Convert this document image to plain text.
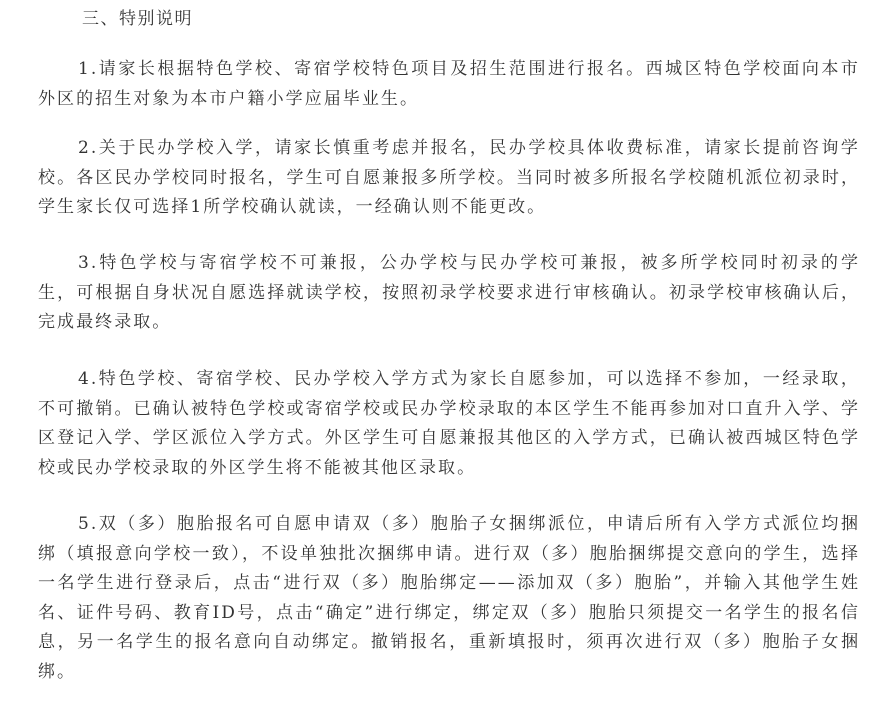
三、特别说明

1.请家长根据特色学校、寄宿学校特色项目及招生范围进行报名。西城区特色学校面向本市外区的招生对象为本市户籍小学应届毕业生。

2.关于民办学校入学，请家长慎重考虑并报名，民办学校具体收费标准，请家长提前咨询学校。各区民办学校同时报名，学生可自愿兼报多所学校。当同时被多所报名学校随机派位初录时，学生家长仅可选择1所学校确认就读，一经确认则不能更改。

3.特色学校与寄宿学校不可兼报，公办学校与民办学校可兼报，被多所学校同时初录的学生，可根据自身状况自愿选择就读学校，按照初录学校要求进行审核确认。初录学校审核确认后，完成最终录取。

4.特色学校、寄宿学校、民办学校入学方式为家长自愿参加，可以选择不参加，一经录取，不可撤销。已确认被特色学校或寄宿学校或民办学校录取的本区学生不能再参加对口直升入学、学区登记入学、学区派位入学方式。外区学生可自愿兼报其他区的入学方式，已确认被西城区特色学校或民办学校录取的外区学生将不能被其他区录取。

5.双（多）胞胎报名可自愿申请双（多）胞胎子女捆绑派位，申请后所有入学方式派位均捆绑（填报意向学校一致），不设单独批次捆绑申请。进行双（多）胞胎捆绑提交意向的学生，选择一名学生进行登录后，点击“进行双（多）胞胎绑定——添加双（多）胞胎”，并输入其他学生姓名、证件号码、教育ID号，点击“确定”进行绑定，绑定双（多）胞胎只须提交一名学生的报名信息，另一名学生的报名意向自动绑定。撤销报名，重新填报时，须再次进行双（多）胞胎子女捆绑。
